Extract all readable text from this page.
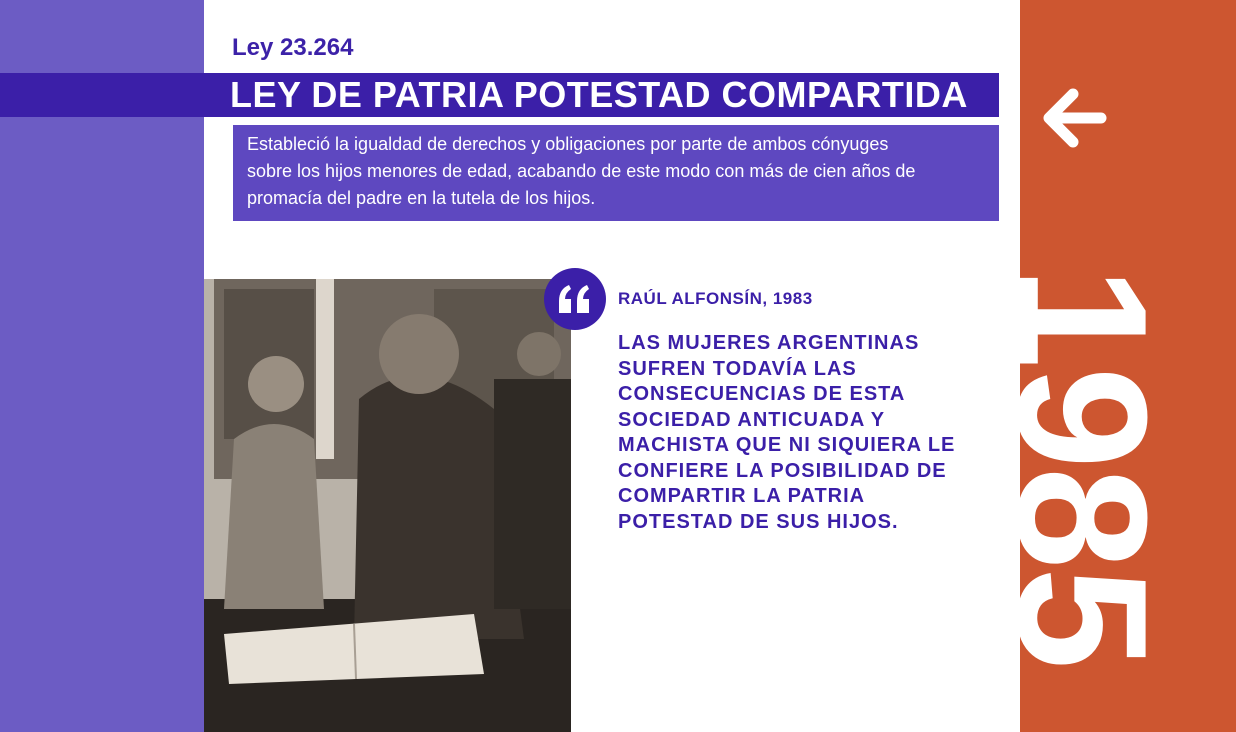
Ley 23.264
LEY DE PATRIA POTESTAD COMPARTIDA

Estableció la igualdad de derechos y obligaciones por parte de ambos cónyuges sobre los hijos menores de edad, acabando de este modo con más de cien años de promacía del padre en la tutela de los hijos.

RAÚL ALFONSÍN, 1983

LAS MUJERES ARGENTINAS SUFREN TODAVÍA LAS CONSECUENCIAS DE ESTA SOCIEDAD ANTICUADA Y MACHISTA QUE NI SIQUIERA LE CONFIERE LA POSIBILIDAD DE COMPARTIR LA PATRIA POTESTAD DE SUS HIJOS. 1985
